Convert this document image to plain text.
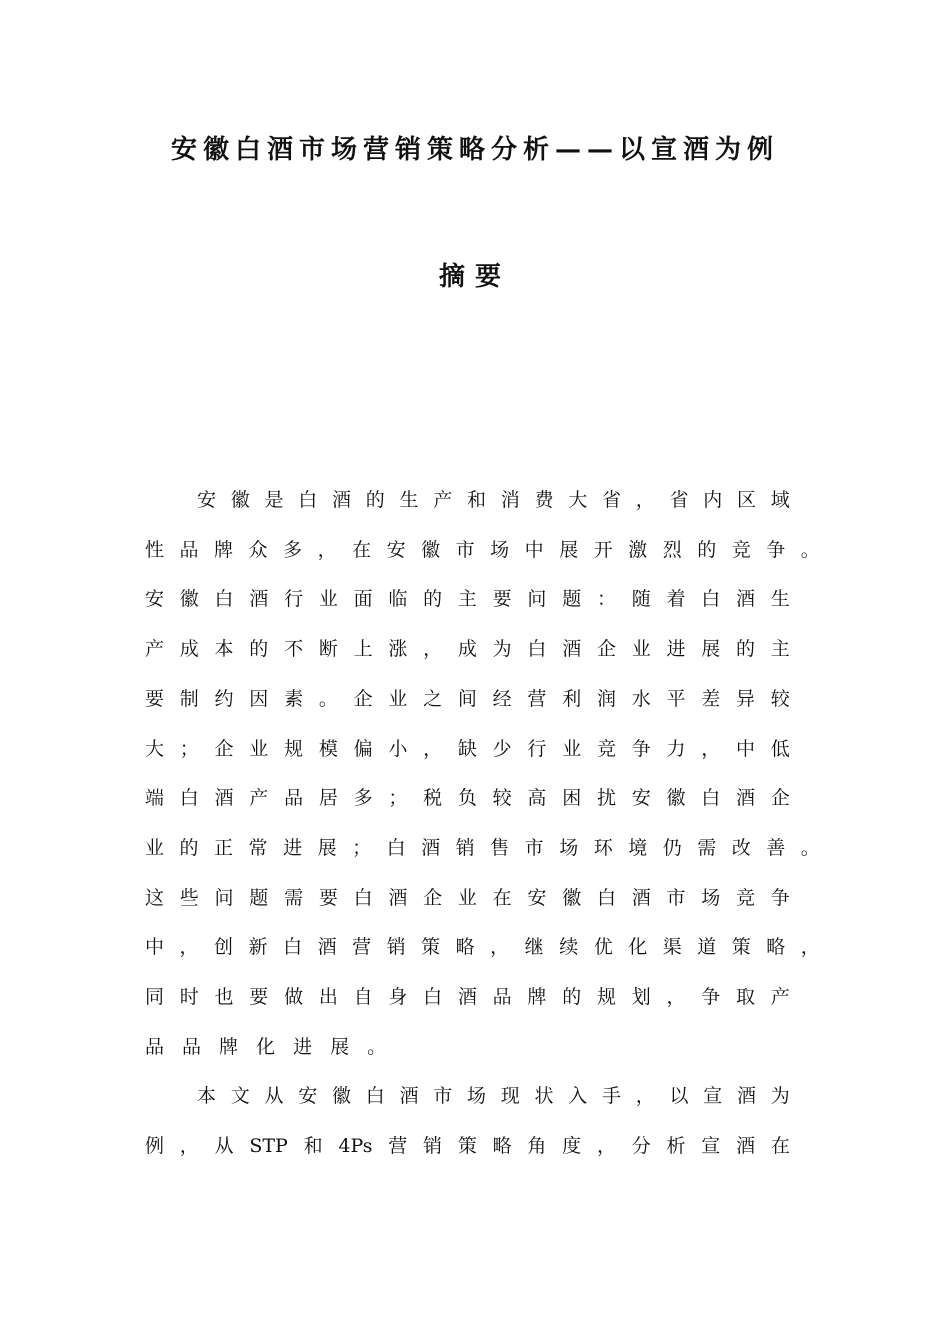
安徽白酒市场营销策略分析——以宣酒为例
摘要
安 徽 是 白 酒 的 生 产 和 消 费 大 省 ， 省 内 区 域
性 品 牌 众 多 ， 在 安 徽 市 场 中 展 开 激 烈 的 竞 争 。
安 徽 白 酒 行 业 面 临 的 主 要 问 题 ： 随 着 白 酒 生
产 成 本 的 不 断 上 涨 ， 成 为 白 酒 企 业 进 展 的 主
要 制 约 因 素 。 企 业 之 间 经 营 利 润 水 平 差 异 较
大 ； 企 业 规 模 偏 小 ， 缺 少 行 业 竞 争 力 ， 中 低
端 白 酒 产 品 居 多 ； 税 负 较 高 困 扰 安 徽 白 酒 企
业 的 正 常 进 展 ； 白 酒 销 售 市 场 环 境 仍 需 改 善 。
这 些 问 题 需 要 白 酒 企 业 在 安 徽 白 酒 市 场 竞 争
中 ， 创 新 白 酒 营 销 策 略 ， 继 续 优 化 渠 道 策 略 ，
同 时 也 要 做 出 自 身 白 酒 品 牌 的 规 划 ， 争 取 产
品 品 牌 化 进 展 。
本 文 从 安 徽 白 酒 市 场 现 状 入 手 ， 以 宣 酒 为
例 ， 从 STP 和 4Ps 营 销 策 略 角 度 ， 分 析 宣 酒 在
